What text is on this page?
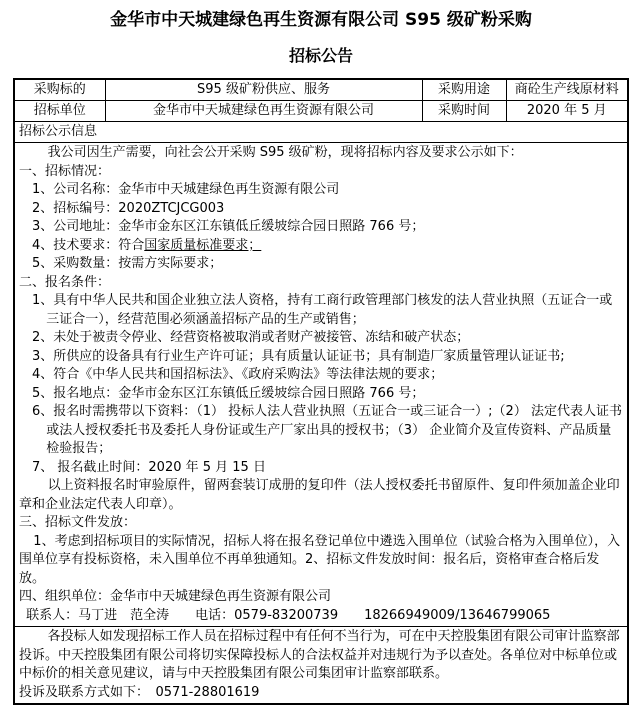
金华市中天城建绿色再生资源有限公司 S95 级矿粉采购
招标公告
采购标的	S95 级矿粉供应、服务	采购用途	商砼生产线原材料
招标单位	金华市中天城建绿色再生资源有限公司	采购时间	2020 年 5 月
招标公示信息			

我公司因生产需要，向社会公开采购 S95 级矿粉，现将招标内容及要求公示如下：
一、招标情况：
1、公司名称：金华市中天城建绿色再生资源有限公司
2、招标编号：2020ZTCJCG003
3、公司地址：金华市金东区江东镇低丘缓坡综合园日照路 766 号；
4、技术要求：符合国家质量标准要求；
5、采购数量：按需方实际要求；
二、报名条件：
1、具有中华人民共和国企业独立法人资格，持有工商行政管理部门核发的法人营业执照（五证合一或三证合一），经营范围必须涵盖招标产品的生产或销售；
2、未处于被责令停业、经营资格被取消或者财产被接管、冻结和破产状态；
3、所供应的设备具有行业生产许可证；具有质量认证证书；具有制造厂家质量管理认证证书;
4、符合《中华人民共和国招标法》、《政府采购法》等法律法规的要求；
5、报名地点：金华市金东区江东镇低丘缓坡综合园日照路 766 号；
6、报名时需携带以下资料：（1） 投标人法人营业执照（五证合一或三证合一）;（2） 法定代表人证书或法人授权委托书及委托人身份证或生产厂家出具的授权书；（3） 企业简介及宣传资料、产品质量检验报告；
7、 报名截止时间：2020 年 5 月 15 日
以上资料报名时审验原件，留两套装订成册的复印件（法人授权委托书留原件、复印件须加盖企业印章和企业法定代表人印章）。
三、招标文件发放：
1、考虑到招标项目的实际情况，招标人将在报名登记单位中遴选入围单位（试验合格为入围单位），入围单位享有投标资格，未入围单位不再单独通知。2、招标文件发放时间：报名后，资格审查合格后发放。
四、组织单位：金华市中天城建绿色再生资源有限公司
联系人：马丁进　范全涛　　电话：0579-83200739　　18266949009/13646799065

各投标人如发现招标工作人员在招标过程中有任何不当行为，可在中天控股集团有限公司审计监察部投诉。中天控股集团有限公司将切实保障投标人的合法权益并对违规行为予以查处。各单位对中标单位或中标价的相关意见建议，请与中天控股集团有限公司集团审计监察部联系。
投诉及联系方式如下：　0571-28801619			
